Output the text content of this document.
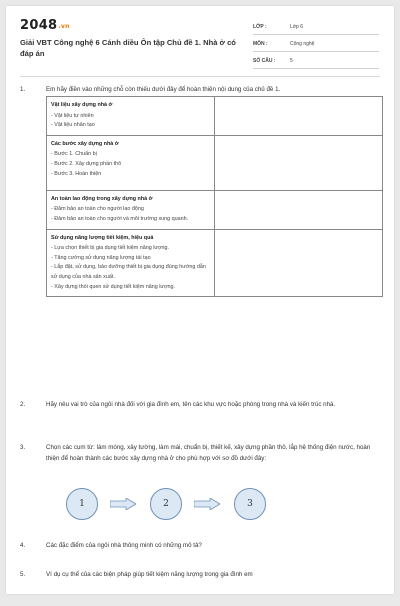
2048.vn
Giải VBT Công nghệ 6 Cánh diều Ôn tập Chủ đề 1. Nhà ở có đáp án
LỚP :	Lớp 6
MÔN :	Công nghệ
SỐ CÂU :	5
1.	Em hãy điền vào những chỗ còn thiếu dưới đây để hoàn thiện nội dung của chủ đề 1.
Vật liệu xây dựng nhà ở
- Vật liệu tự nhiên
- Vật liệu nhân tạo	

Các bước xây dựng nhà ở
- Bước 1. Chuẩn bị
- Bước 2. Xây dựng phần thô
- Bước 3. Hoàn thiện	

An toàn lao động trong xây dựng nhà ở
- Đảm bảo an toàn cho người lao động
- Đảm bảo an toàn cho người và môi trường xung quanh.	

Sử dụng năng lượng tiết kiệm, hiệu quả
- Lựa chọn thiết bị gia dụng tiết kiệm năng lượng.
- Tăng cường sử dụng năng lượng tái tạo
- Lắp đặt, sử dụng, bảo dưỡng thiết bị gia dụng đúng hướng dẫn sử dụng của nhà sản xuất.
- Xây dựng thói quen sử dụng tiết kiệm năng lượng.	

2.	Hãy nêu vai trò của ngôi nhà đối với gia đình em, tên các khu vực hoặc phòng trong nhà và kiến trúc nhà.
3.	Chọn các cụm từ: làm móng, xây tường, làm mái, chuẩn bị, thiết kế, xây dựng phần thô, lắp hệ thống điện nước, hoàn thiện để hoàn thành các bước xây dựng nhà ở cho phù hợp với sơ đồ dưới đây:
1	2	3
4.	Các đặc điểm của ngôi nhà thông minh có những mô tả?
5.	Ví dụ cụ thể của các biện pháp giúp tiết kiệm năng lượng trong gia đình em
